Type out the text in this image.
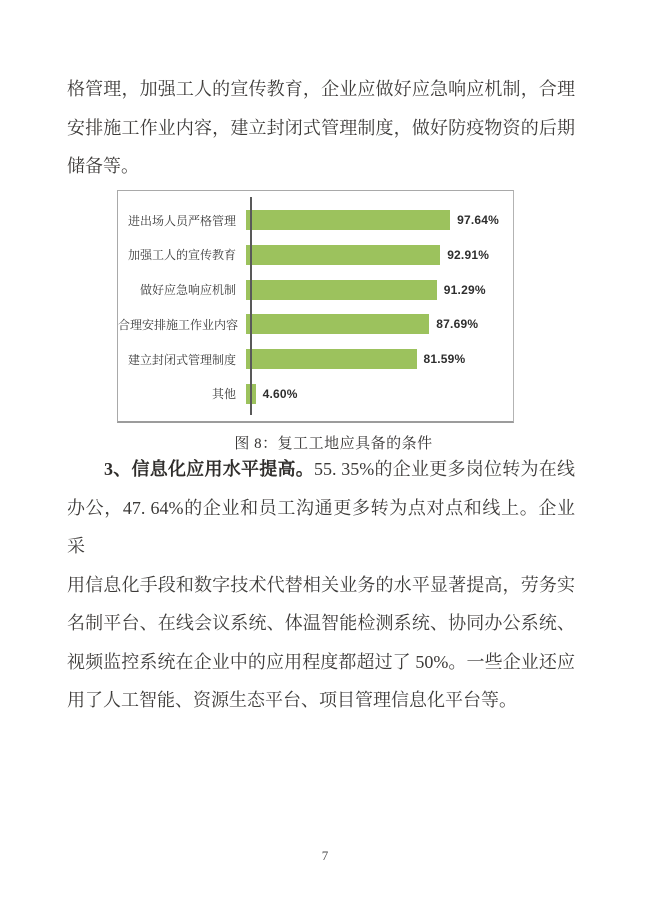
格管理，加强工人的宣传教育，企业应做好应急响应机制，合理
安排施工作业内容，建立封闭式管理制度，做好防疫物资的后期
储备等。
进出场人员严格管理	97.64%
加强工人的宣传教育	92.91%
做好应急响应机制	91.29%
合理安排施工作业内容	87.69%
建立封闭式管理制度	81.59%
其他	4.60%
图 8：复工工地应具备的条件
3、信息化应用水平提高。55. 35%的企业更多岗位转为在线
办公，47. 64%的企业和员工沟通更多转为点对点和线上。企业采
用信息化手段和数字技术代替相关业务的水平显著提高，劳务实
名制平台、在线会议系统、体温智能检测系统、协同办公系统、
视频监控系统在企业中的应用程度都超过了 50%。一些企业还应
用了人工智能、资源生态平台、项目管理信息化平台等。
7
